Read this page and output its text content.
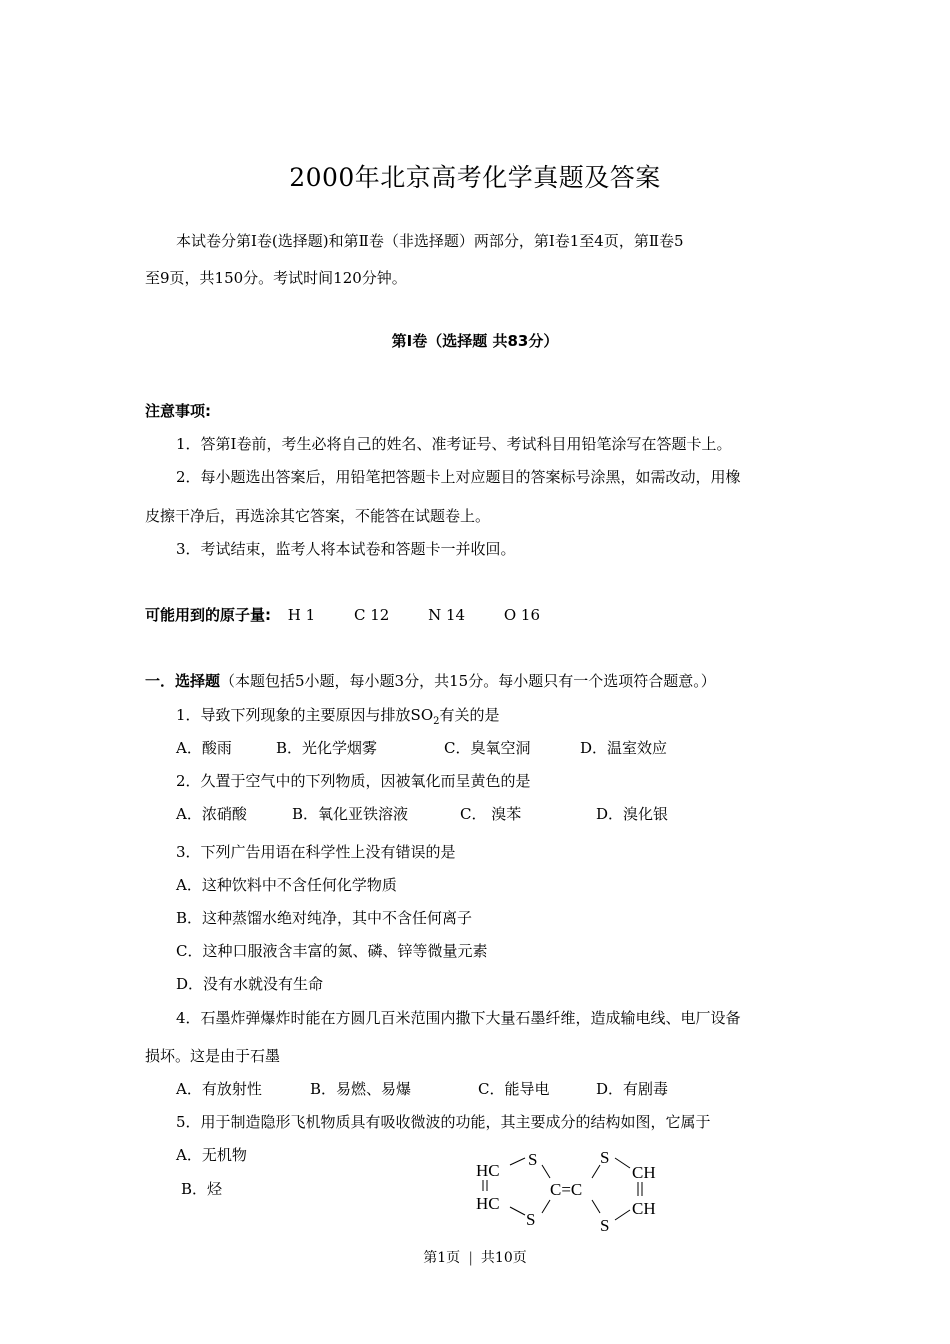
2000年北京高考化学真题及答案
本试卷分第Ⅰ卷(选择题)和第Ⅱ卷（非选择题）两部分，第Ⅰ卷1至4页，第Ⅱ卷5
至9页，共150分。考试时间120分钟。
第Ⅰ卷（选择题 共83分）
注意事项:
1．答第Ⅰ卷前，考生必将自己的姓名、准考证号、考试科目用铅笔涂写在答题卡上。
2．每小题选出答案后，用铅笔把答题卡上对应题目的答案标号涂黑，如需改动，用橡
皮擦干净后，再选涂其它答案，不能答在试题卷上。
3．考试结束，监考人将本试卷和答题卡一并收回。
可能用到的原子量: H 1	C 12	N 14	O 16
一．选择题（本题包括5小题，每小题3分，共15分。每小题只有一个选项符合题意。）
1．导致下列现象的主要原因与排放$SO_2$有关的是
A．酸雨	B．光化学烟雾	C．臭氧空洞	D．温室效应
2．久置于空气中的下列物质，因被氧化而呈黄色的是
A．浓硝酸	B．氧化亚铁溶液	C． 溴苯	D．溴化银
3．下列广告用语在科学性上没有错误的是
A．这种饮料中不含任何化学物质
B．这种蒸馏水绝对纯净，其中不含任何离子
C．这种口服液含丰富的氮、磷、锌等微量元素
D．没有水就没有生命
4．石墨炸弹爆炸时能在方圆几百米范围内撒下大量石墨纤维，造成输电线、电厂设备
损坏。这是由于石墨
A．有放射性	B．易燃、易爆	C．能导电	D．有剧毒
5．用于制造隐形飞机物质具有吸收微波的功能，其主要成分的结构如图，它属于
A．无机物
B．烃
HC
HC
S
S
C=C
S
S
CH
CH
第1页 | 共10页
